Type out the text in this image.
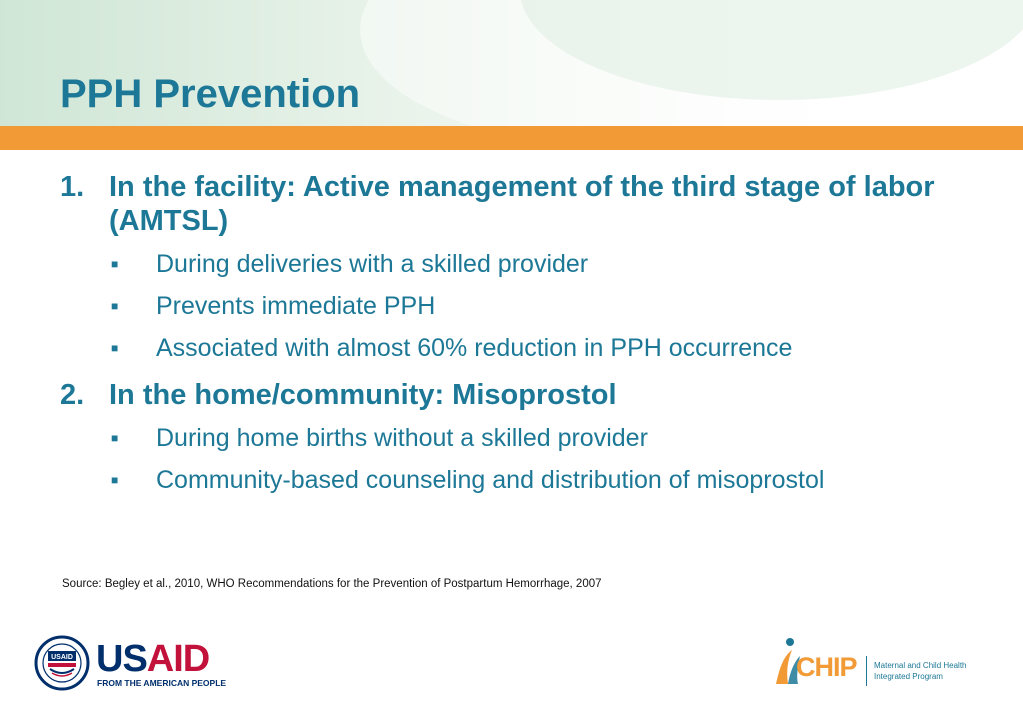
PPH Prevention
1. In the facility: Active management of the third stage of labor (AMTSL)
■	During deliveries with a skilled provider
■	Prevents immediate PPH
■	Associated with almost 60% reduction in PPH occurrence
2. In the home/community: Misoprostol
■	During home births without a skilled provider
■	Community-based counseling and distribution of misoprostol
Source: Begley et al., 2010, WHO Recommendations for the Prevention of Postpartum Hemorrhage, 2007
USAID USAID
FROM THE AMERICAN PEOPLE
CHIP Maternal and Child Health
Integrated Program
